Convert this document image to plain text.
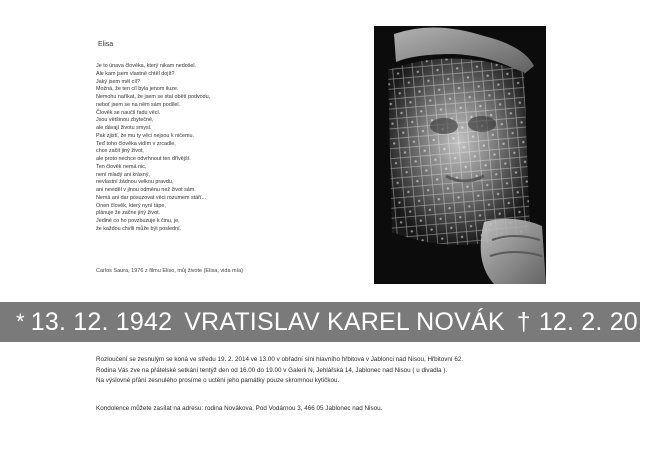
Elisa
Je to únava člověka, který nikam nedošel.
Ale kam jsem vlastně chtěl dojít?
Jaký jsem měl cíl?
Možná, že ten cíl byla jenom iluze.
Nemohu naříkat, že jsem se stal obětí podvodu,
neboť jsem se na něm sám podílel.
Člověk se naučil řadu věcí.
Jsou většinou zbytečné,
ale dávají životu smysl.
Pak zjistí, že mu ty věci nejsou k ničemu.
Teď toho člověka vidím v zrcadle,
chce začít jiný život,
ale proto nechce odvrhnout ten dřívější.
Ten člověk nemá nic,
není mladý ani krásný,
nevlastní žádnou velkou pravdu,
ani neviděl v jinou odměnu než život sám.
Nemá ani dar posuzovat věci rozumem stáří...
Onen člověk, který nyní tápe,
plánuje že začne jiný život.
Jediné co ho povzbuzuje k činu, je,
že každou chvíli může být poslední.
Carlos Saura, 1976 z filmu Eliso, můj živote (Elisa, vida mía)
* 13. 12. 1942 VRATISLAV KAREL NOVÁK † 12. 2. 2014
Rozloučení se zesnulým se koná ve středu 19. 2. 2014 ve 13.00 v obřadní síni hlavního hřbitova v Jablonci nad Nisou, Hřbitovní 62.
Rodina Vás zve na přátelské setkání tentýž den od 16.00 do 19.00 v Galerii N, Jehlářská 14, Jablonec nad Nisou ( u divadla ).
Na výslovné přání zesnulého prosíme o uctění jeho památky pouze skromnou kytičkou.
Kondolence můžete zasílat na adresu: rodina Novákova, Pod Vodárnou 3, 466 05 Jablonec nad Nisou.
